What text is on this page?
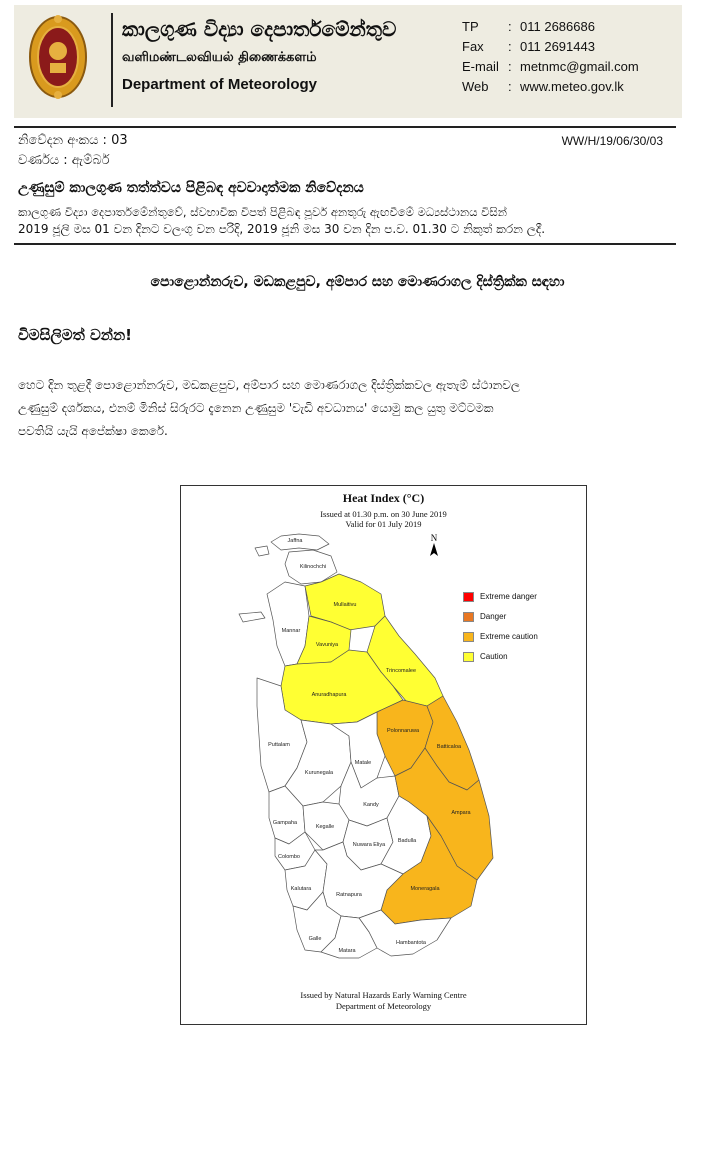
කාලගුණ විද්‍යා දෙපාර්තමේන්තුව
வளிமண்டலவியல் திணைக்களம்
Department of Meteorology
TP : 011 2686686
Fax : 011 2691443
E-mail : metnmc@gmail.com
Web : www.meteo.gov.lk
නිවේදන අංකය : 03	WW/H/19/06/30/03
වර්ණය : ඇම්බර්
උණුසුම් කාලගුණ තත්ත්වය පිළිබඳ අවවාදාත්මක නිවේදනය
කාලගුණ විද්‍යා දෙපාර්තමේන්තුවේ, ස්වභාවික විපත් පිළිබඳ පූර්ව අනතුරු ඇඟවීමේ මධ්‍යස්ථානය විසින්
2019 ජූලි මස 01 වන දිනට වලංගු වන පරිදි, 2019 ජූනි මස 30 වන දින ප.ව. 01.30 ට නිකුත් කරන ලදී.
පොළොන්නරුව, මඩකළපුව, අම්පාර සහ මොණරාගල දිස්ත්‍රික්ක සඳහා
විමසිලිමත් වන්න!
හෙට දින තුළදී පොළොන්නරුව, මඩකළපුව, අම්පාර සහ මොණරාගල දිස්ත්‍රික්කවල ඇතැම් ස්ථානවල
උණුසුම් දර්ශකය, එනම් මිනිස් සිරුරට දැනෙන උණුසුම 'වැඩි අවධානය' යොමු කල යුතු මට්ටමක
පවතියි යැයි අපේක්ෂා කෙරේ.
Heat Index (°C)
Issued at 01.30 p.m. on 30 June 2019
Valid for 01 July 2019
N
Jaffna
Kilinochchi
Mullaitivu
Mannar
Vavuniya
Trincomalee
Anuradhapura
Polonnaruwa
Puttalam	Batticaloa
Kurunegala
Matale
Kandy
Ampara
Gampaha
Kegalle
Nuwara Eliya
Badulla
Colombo
Moneragala
Kalutara
Ratnapura
Hambantota
Galle
Matara
Extreme danger
Danger
Extreme caution
Caution
Issued by Natural Hazards Early Warning Centre
Department of Meteorology
